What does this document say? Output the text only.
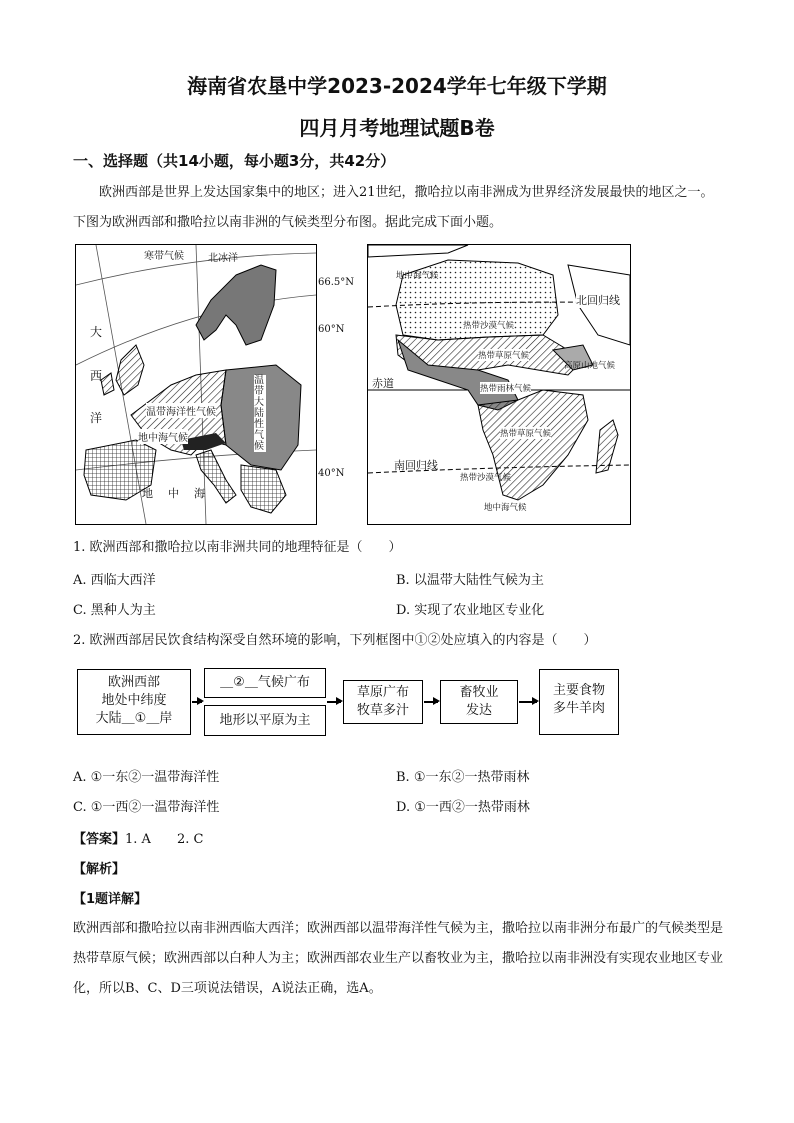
海南省农垦中学2023-2024学年七年级下学期
四月月考地理试题B卷
一、选择题（共14小题，每小题3分，共42分）
欧洲西部是世界上发达国家集中的地区；进入21世纪，撒哈拉以南非洲成为世界经济发展最快的地区之一。下图为欧洲西部和撒哈拉以南非洲的气候类型分布图。据此完成下面小题。
寒带气候 北冰洋
大
西
洋	温带海洋性气候
温带大陆性气候
地中海气候
地 中 海
66.5°N
60°N
40°N
地中海气候
北回归线
热带沙漠气候
热带草原气候
高原山地气候
赤道	热带雨林气候
热带草原气候
南回归线
热带沙漠气候
地中海气候
1. 欧洲西部和撒哈拉以南非洲共同的地理特征是（　　）
A. 西临大西洋	B. 以温带大陆性气候为主
C. 黑种人为主	D. 实现了农业地区专业化
2. 欧洲西部居民饮食结构深受自然环境的影响，下列框图中①②处应填入的内容是（　　）
欧洲西部
地处中纬度
大陆＿①＿岸
＿②＿气候广布
地形以平原为主
草原广布
牧草多汁
畜牧业
发达
主要食物
多牛羊肉
A. ①一东②一温带海洋性	B. ①一东②一热带雨林
C. ①一西②一温带海洋性	D. ①一西②一热带雨林
【答案】1. A　　2. C
【解析】
【1题详解】
欧洲西部和撒哈拉以南非洲西临大西洋；欧洲西部以温带海洋性气候为主，撒哈拉以南非洲分布最广的气候类型是热带草原气候；欧洲西部以白种人为主；欧洲西部农业生产以畜牧业为主，撒哈拉以南非洲没有实现农业地区专业化，所以B、C、D三项说法错误，A说法正确，选A。
